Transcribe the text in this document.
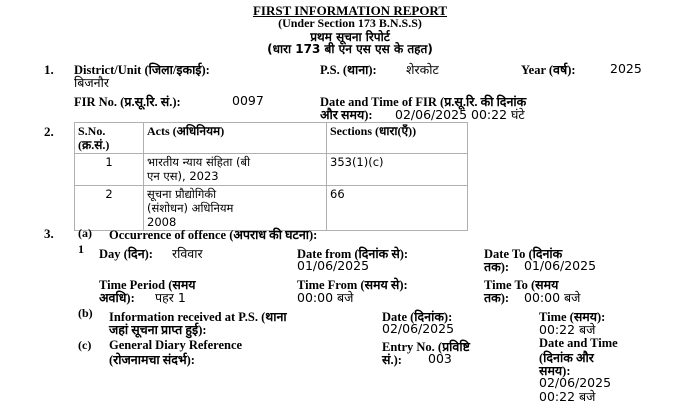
FIRST INFORMATION REPORT
(Under Section 173 B.N.S.S)
प्रथम सूचना रिपोर्ट
(धारा 173 बी एन एस एस के तहत)
1. District/Unit (जिला/इकाई):
बिजनौर
P.S. (थाना): शेरकोट	Year (वर्ष):	2025
FIR No. (प्र.सू.रि. सं.):	0097	Date and Time of FIR (प्र.सू.रि. की दिनांक
और समय): 02/06/2025 00:22 घंटे
2. S.No.
(क्र.सं.)	Acts (अधिनियम)	Sections (धारा(एँ))
1	भारतीय न्याय संहिता (बी
एन एस), 2023	353(1)(c)
2	सूचना प्रौद्योगिकी
(संशोधन) अधिनियम
2008	66
3. (a) Occurrence of offence (अपराध की घटना):
1 Day (दिन): रविवार	Date from (दिनांक से):
01/06/2025
Date To (दिनांक
तक): 01/06/2025
Time Period (समय
अवधि): पहर 1
Time From (समय से):
00:00 बजे
Time To (समय
तक): 00:00 बजे
(b) Information received at P.S. (थाना
जहां सूचना प्राप्त हुई):
Date (दिनांक):
02/06/2025
Time (समय):
00:22 बजे
(c) General Diary Reference
(रोजनामचा संदर्भ):
Entry No. (प्रविष्टि
सं.): 003
Date and Time
(दिनांक और
समय):
02/06/2025
00:22 बजे
